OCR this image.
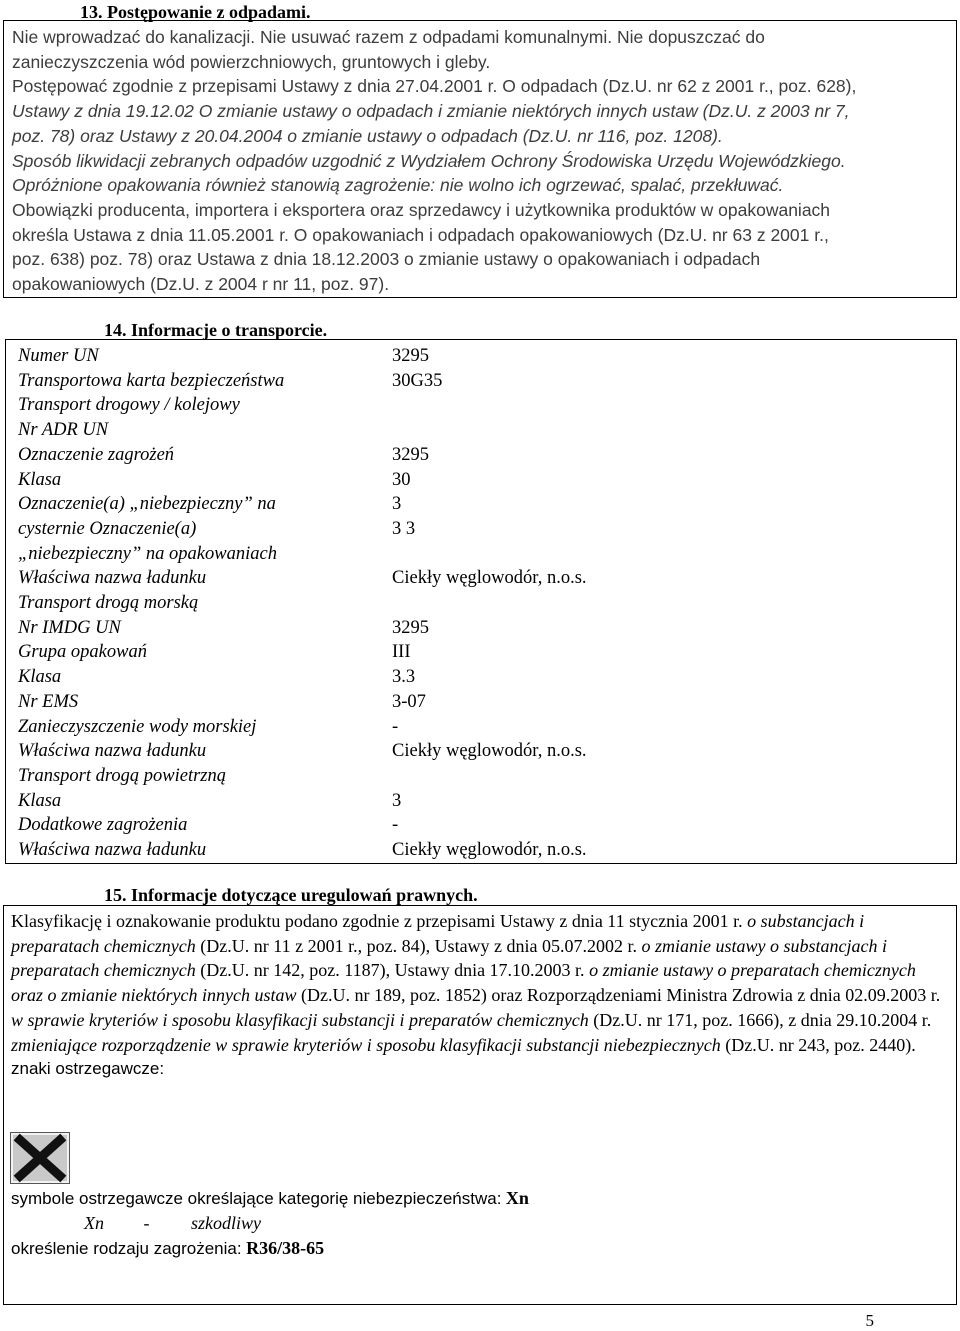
13. Postępowanie z odpadami.
Nie wprowadzać do kanalizacji. Nie usuwać razem z odpadami komunalnymi. Nie dopuszczać do
zanieczyszczenia wód powierzchniowych, gruntowych i gleby.
Postępować zgodnie z przepisami Ustawy z dnia 27.04.2001 r. O odpadach (Dz.U. nr 62 z 2001 r., poz. 628),
Ustawy z dnia 19.12.02 O zmianie ustawy o odpadach i zmianie niektórych innych ustaw (Dz.U. z 2003 nr 7,
poz. 78) oraz Ustawy z 20.04.2004 o zmianie ustawy o odpadach (Dz.U. nr 116, poz. 1208).
Sposób likwidacji zebranych odpadów uzgodnić z Wydziałem Ochrony Środowiska Urzędu Wojewódzkiego.
Opróżnione opakowania również stanowią zagrożenie: nie wolno ich ogrzewać, spalać, przekłuwać.
Obowiązki producenta, importera i eksportera oraz sprzedawcy i użytkownika produktów w opakowaniach
określa Ustawa z dnia 11.05.2001 r. O opakowaniach i odpadach opakowaniowych (Dz.U. nr 63 z 2001 r.,
poz. 638) poz. 78) oraz Ustawa z dnia 18.12.2003 o zmianie ustawy o opakowaniach i odpadach
opakowaniowych (Dz.U. z 2004 r nr 11, poz. 97).
14. Informacje o transporcie.
Numer UN	3295
Transportowa karta bezpieczeństwa	30G35
Transport drogowy / kolejowy
Nr ADR UN
Oznaczenie zagrożeń	3295
Klasa	30
Oznaczenie(a) „niebezpieczny” na	3
cysternie Oznaczenie(a)	3 3
„niebezpieczny” na opakowaniach
Właściwa nazwa ładunku	Ciekły węglowodór, n.o.s.
Transport drogą morską
Nr IMDG UN	3295
Grupa opakowań	III
Klasa	3.3
Nr EMS	3-07
Zanieczyszczenie wody morskiej	-
Właściwa nazwa ładunku	Ciekły węglowodór, n.o.s.
Transport drogą powietrzną
Klasa	3
Dodatkowe zagrożenia	-
Właściwa nazwa ładunku	Ciekły węglowodór, n.o.s.
15. Informacje dotyczące uregulowań prawnych.
Klasyfikację i oznakowanie produktu podano zgodnie z przepisami Ustawy z dnia 11 stycznia 2001 r. o substancjach i preparatach chemicznych (Dz.U. nr 11 z 2001 r., poz. 84), Ustawy z dnia 05.07.2002 r. o zmianie ustawy o substancjach i preparatach chemicznych (Dz.U. nr 142, poz. 1187), Ustawy dnia 17.10.2003 r. o zmianie ustawy o preparatach chemicznych oraz o zmianie niektórych innych ustaw (Dz.U. nr 189, poz. 1852) oraz Rozporządzeniami Ministra Zdrowia z dnia 02.09.2003 r. w sprawie kryteriów i sposobu klasyfikacji substancji i preparatów chemicznych (Dz.U. nr 171, poz. 1666), z dnia 29.10.2004 r. zmieniające rozporządzenie w sprawie kryteriów i sposobu klasyfikacji substancji niebezpiecznych (Dz.U. nr 243, poz. 2440).
znaki ostrzegawcze:
symbole ostrzegawcze określające kategorię niebezpieczeństwa: Xn
Xn - szkodliwy
określenie rodzaju zagrożenia: R36/38-65
5
